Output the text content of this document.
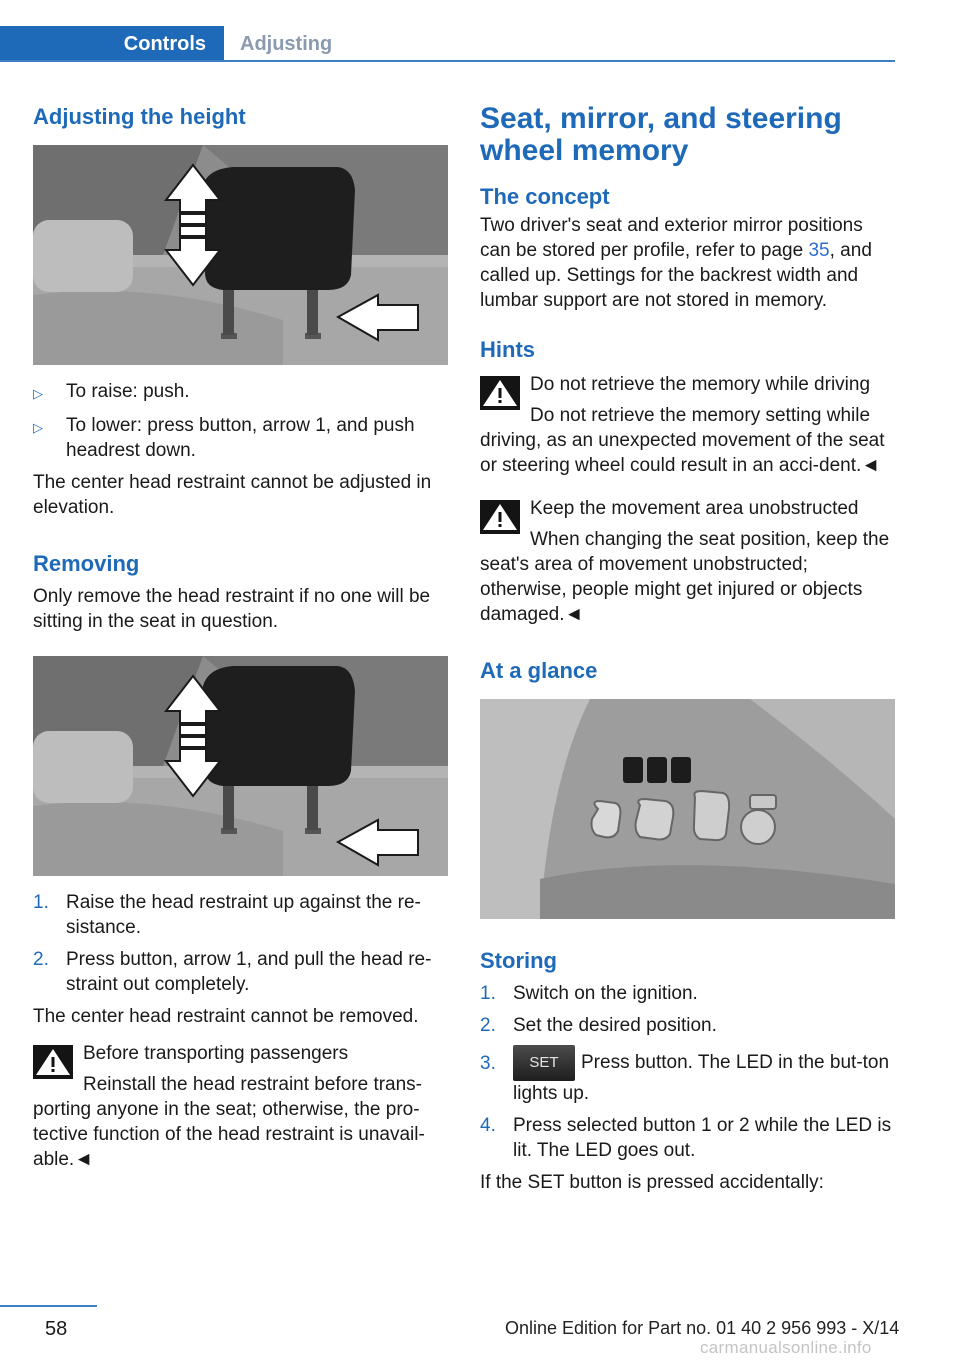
Controls	Adjusting
Adjusting the height
▷	To raise: push.
▷	To lower: press button, arrow 1, and push headrest down.

The center head restraint cannot be adjusted in elevation.

Removing

Only remove the head restraint if no one will be sitting in the seat in question.

1. Raise the head restraint up against the re‐sistance.
2. Press button, arrow 1, and pull the head re‐straint out completely.

The center head restraint cannot be removed.

Before transporting passengers
Reinstall the head restraint before trans‐porting anyone in the seat; otherwise, the pro‐tective function of the head restraint is unavail‐able.◄
Seat, mirror, and steering wheel memory
The concept

Two driver's seat and exterior mirror positions can be stored per profile, refer to page 35, and called up. Settings for the backrest width and lumbar support are not stored in memory.

Hints
Do not retrieve the memory while driving
Do not retrieve the memory setting while driving, as an unexpected movement of the seat or steering wheel could result in an acci‐dent.◄
Keep the movement area unobstructed
When changing the seat position, keep the seat's area of movement unobstructed; otherwise, people might get injured or objects damaged.◄
At a glance
Storing
1. Switch on the ignition.
2. Set the desired position.
3.	SET Press button. The LED in the but‐ton lights up.
4. Press selected button 1 or 2 while the LED is lit. The LED goes out.

If the SET button is pressed accidentally:

58	Online Edition for Part no. 01 40 2 956 993 - X/14
carmanualsonline.info
